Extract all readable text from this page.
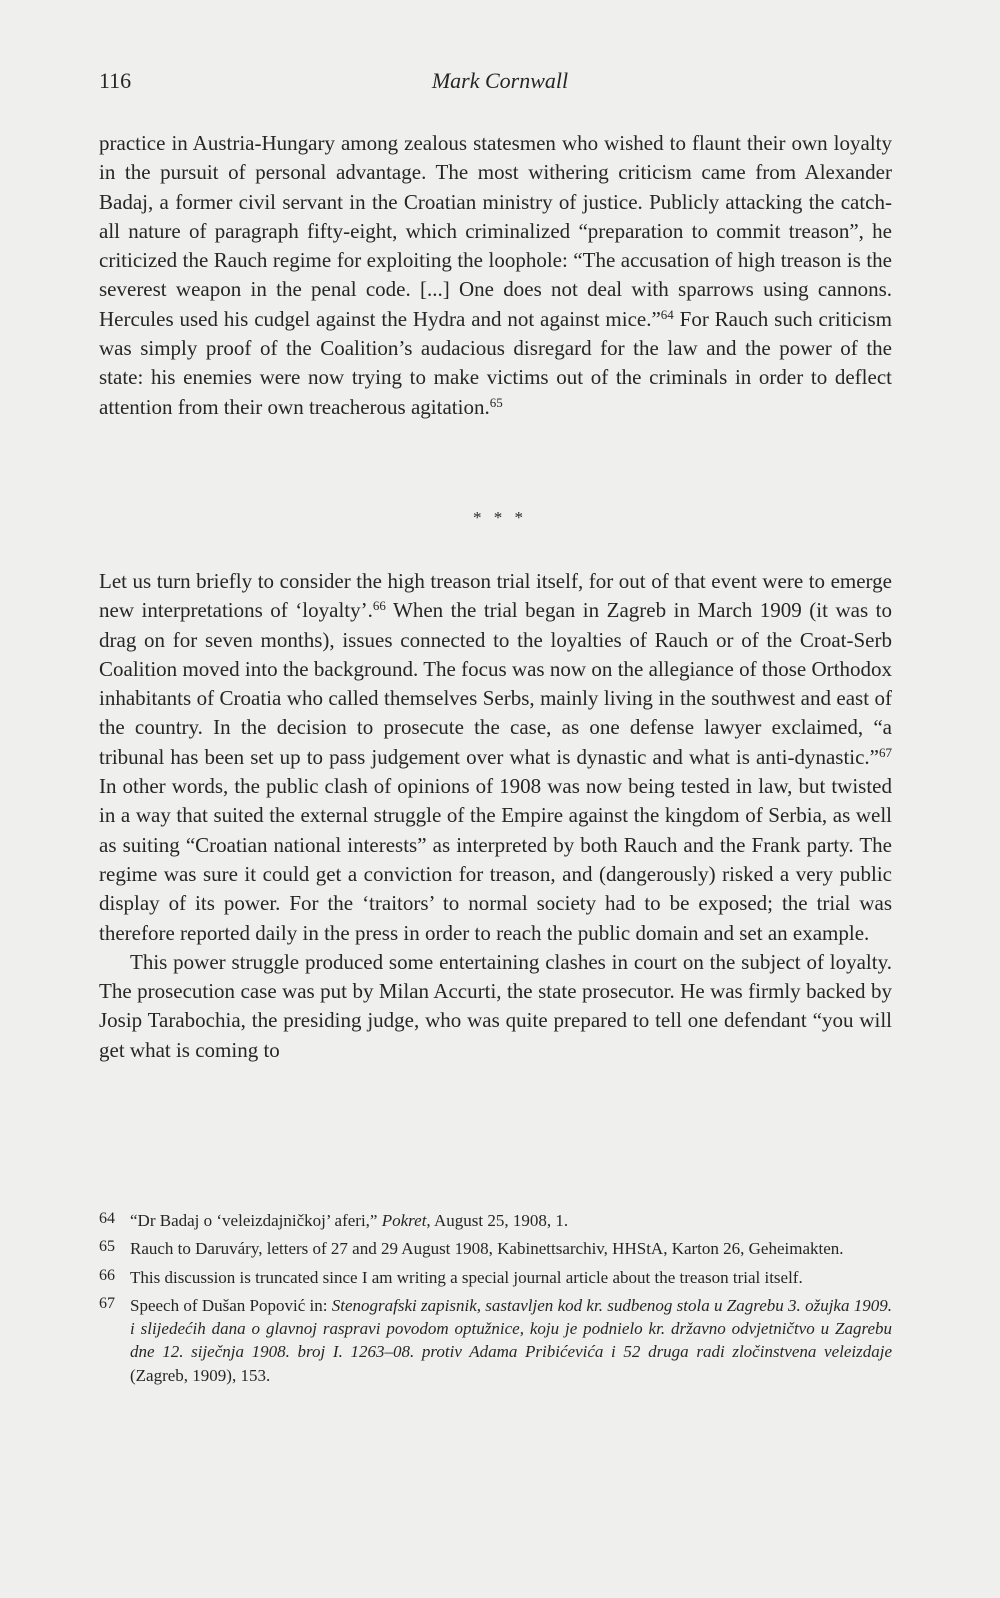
116	Mark Cornwall

practice in Austria-Hungary among zealous statesmen who wished to flaunt their own loyalty in the pursuit of personal advantage. The most withering criticism came from Alexander Badaj, a former civil servant in the Croatian ministry of justice. Publicly attacking the catch-all nature of paragraph fifty-eight, which criminalized “preparation to commit treason”, he criticized the Rauch regime for exploiting the loophole: “The accusation of high treason is the severest weapon in the penal code. [...] One does not deal with sparrows using cannons. Hercules used his cudgel against the Hydra and not against mice.”$^{64}$ For Rauch such criticism was simply proof of the Coalition’s audacious disregard for the law and the power of the state: his enemies were now trying to make victims out of the criminals in order to deflect attention from their own treacherous agitation.$^{65}$

* * *

Let us turn briefly to consider the high treason trial itself, for out of that event were to emerge new interpretations of ‘loyalty’.$^{66}$ When the trial began in Zagreb in March 1909 (it was to drag on for seven months), issues connected to the loyalties of Rauch or of the Croat-Serb Coalition moved into the background. The focus was now on the allegiance of those Orthodox inhabitants of Croatia who called themselves Serbs, mainly living in the southwest and east of the country. In the decision to prosecute the case, as one defense lawyer exclaimed, “a tribunal has been set up to pass judgement over what is dynastic and what is anti-dynastic.”$^{67}$ In other words, the public clash of opinions of 1908 was now being tested in law, but twisted in a way that suited the external struggle of the Empire against the kingdom of Serbia, as well as suiting “Croatian national interests” as interpreted by both Rauch and the Frank party. The regime was sure it could get a conviction for treason, and (dangerously) risked a very public display of its power. For the ‘traitors’ to normal society had to be exposed; the trial was therefore reported daily in the press in order to reach the public domain and set an example.

This power struggle produced some entertaining clashes in court on the subject of loyalty. The prosecution case was put by Milan Accurti, the state prosecutor. He was firmly backed by Josip Tarabochia, the presiding judge, who was quite prepared to tell one defendant “you will get what is coming to

64 “Dr Badaj o ‘veleizdajničkoj’ aferi,” Pokret, August 25, 1908, 1.
65 Rauch to Daruváry, letters of 27 and 29 August 1908, Kabinettsarchiv, HHStA, Karton 26, Geheimakten.
66 This discussion is truncated since I am writing a special journal article about the treason trial itself.
67 Speech of Dušan Popović in: Stenografski zapisnik, sastavljen kod kr. sudbenog stola u Zagrebu 3. ožujka 1909. i slijedećih dana o glavnoj raspravi povodom optužnice, koju je podnielo kr. državno odvjetničtvo u Zagrebu dne 12. siječnja 1908. broj I. 1263–08. protiv Adama Pribićevića i 52 druga radi zločinstvena veleizdaje (Zagreb, 1909), 153.
